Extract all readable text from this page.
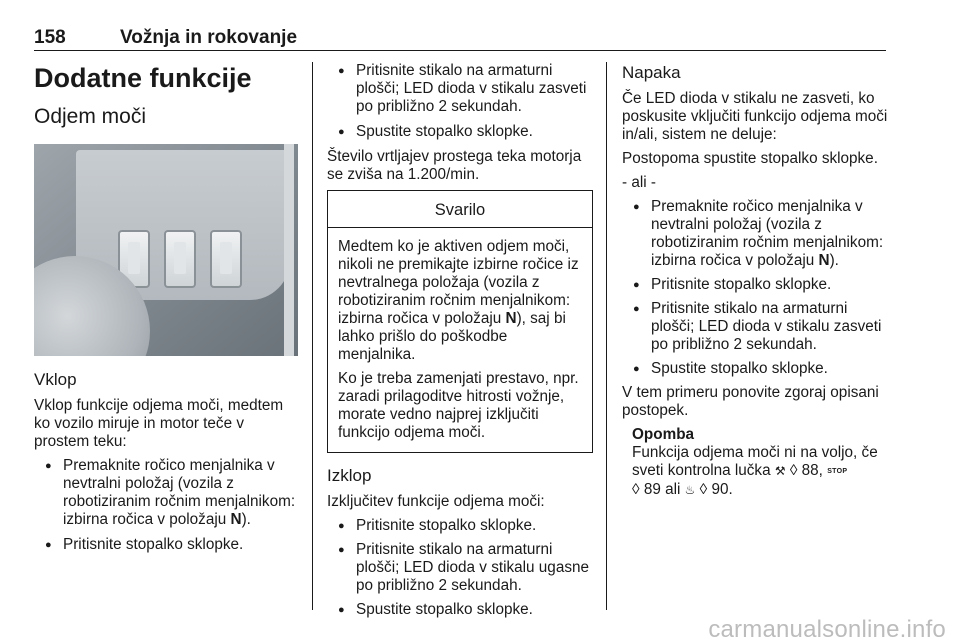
158	Vožnja in rokovanje
Dodatne funkcije
Odjem moči
Vklop

Vklop funkcije odjema moči, medtem ko vozilo miruje in motor teče v prostem teku:

● Premaknite ročico menjalnika v nevtralni položaj (vozila z robotiziranim ročnim menjalnikom: izbirna ročica v položaju N).
● Pritisnite stopalko sklopke.
● Pritisnite stikalo na armaturni plošči; LED dioda v stikalu zasveti po približno 2 sekundah.
● Spustite stopalko sklopke.

Število vrtljajev prostega teka motorja se zviša na 1.200/min.

Svarilo

Medtem ko je aktiven odjem moči, nikoli ne premikajte izbirne ročice iz nevtralnega položaja (vozila z robotiziranim ročnim menjalnikom: izbirna ročica v položaju N), saj bi lahko prišlo do poškodbe menjalnika.

Ko je treba zamenjati prestavo, npr. zaradi prilagoditve hitrosti vožnje, morate vedno najprej izključiti funkcijo odjema moči.

Izklop

Izključitev funkcije odjema moči:

● Pritisnite stopalko sklopke.
● Pritisnite stikalo na armaturni plošči; LED dioda v stikalu ugasne po približno 2 sekundah.
● Spustite stopalko sklopke.
Napaka

Če LED dioda v stikalu ne zasveti, ko poskusite vključiti funkcijo odjema moči in/ali, sistem ne deluje:

Postopoma spustite stopalko sklopke.

- ali -

● Premaknite ročico menjalnika v nevtralni položaj (vozila z robotiziranim ročnim menjalnikom: izbirna ročica v položaju N).
● Pritisnite stopalko sklopke.
● Pritisnite stikalo na armaturni plošči; LED dioda v stikalu zasveti po približno 2 sekundah.
● Spustite stopalko sklopke.

V tem primeru ponovite zgoraj opisani postopek.

Opomba
Funkcija odjema moči ni na voljo, če sveti kontrolna lučka ⚒ ◊ 88, STOP
◊ 89 ali ♨ ◊ 90.
carmanualsonline.info
